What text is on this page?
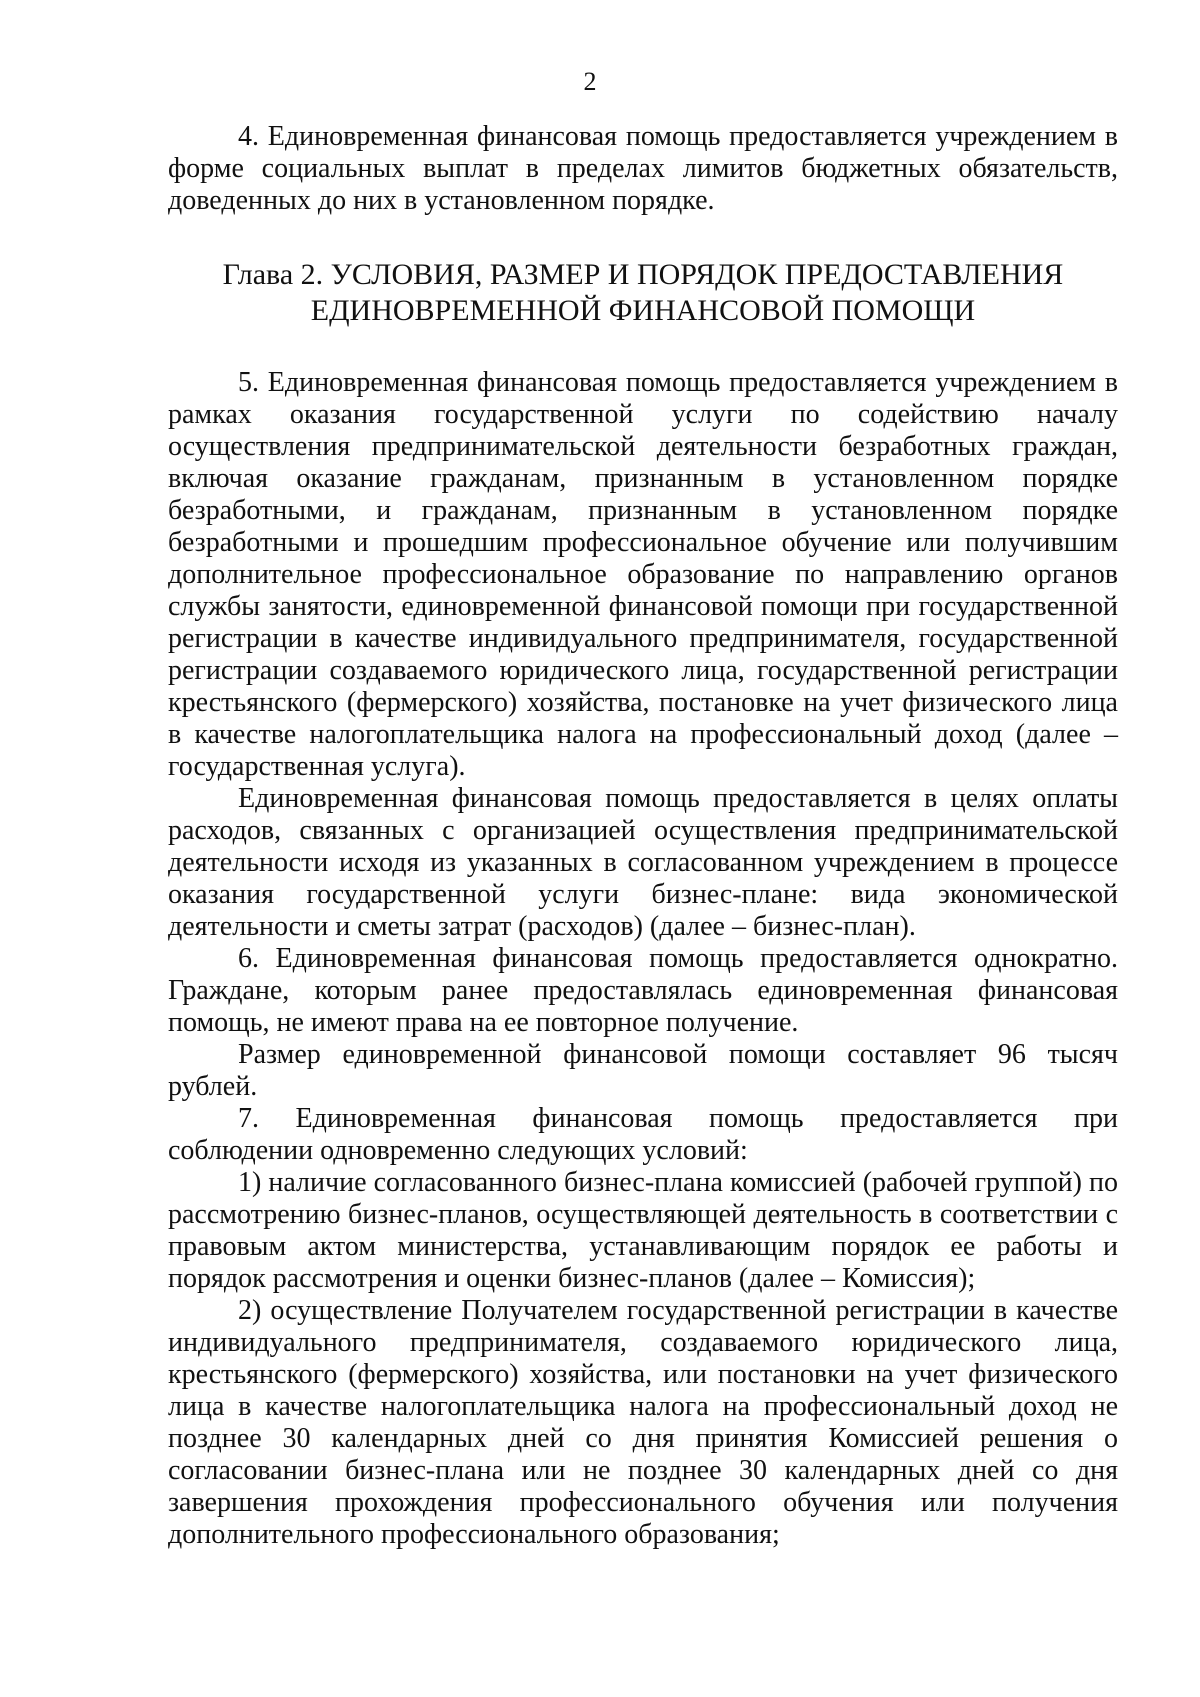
2

4. Единовременная финансовая помощь предоставляется учреждением в форме социальных выплат в пределах лимитов бюджетных обязательств, доведенных до них в установленном порядке.

Глава 2. УСЛОВИЯ, РАЗМЕР И ПОРЯДОК ПРЕДОСТАВЛЕНИЯ
ЕДИНОВРЕМЕННОЙ ФИНАНСОВОЙ ПОМОЩИ

5. Единовременная финансовая помощь предоставляется учреждением в рамках оказания государственной услуги по содействию началу осуществления предпринимательской деятельности безработных граждан, включая оказание гражданам, признанным в установленном порядке безработными, и гражданам, признанным в установленном порядке безработными и прошедшим профессиональное обучение или получившим дополнительное профессиональное образование по направлению органов службы занятости, единовременной финансовой помощи при государственной регистрации в качестве индивидуального предпринимателя, государственной регистрации создаваемого юридического лица, государственной регистрации крестьянского (фермерского) хозяйства, постановке на учет физического лица в качестве налогоплательщика налога на профессиональный доход (далее – государственная услуга).

Единовременная финансовая помощь предоставляется в целях оплаты расходов, связанных с организацией осуществления предпринимательской деятельности исходя из указанных в согласованном учреждением в процессе оказания государственной услуги бизнес-плане: вида экономической деятельности и сметы затрат (расходов) (далее – бизнес-план).

6. Единовременная финансовая помощь предоставляется однократно. Граждане, которым ранее предоставлялась единовременная финансовая помощь, не имеют права на ее повторное получение.

Размер единовременной финансовой помощи составляет 96 тысяч рублей.

7. Единовременная финансовая помощь предоставляется при соблюдении одновременно следующих условий:

1) наличие согласованного бизнес-плана комиссией (рабочей группой) по рассмотрению бизнес-планов, осуществляющей деятельность в соответствии с правовым актом министерства, устанавливающим порядок ее работы и порядок рассмотрения и оценки бизнес-планов (далее – Комиссия);

2) осуществление Получателем государственной регистрации в качестве индивидуального предпринимателя, создаваемого юридического лица, крестьянского (фермерского) хозяйства, или постановки на учет физического лица в качестве налогоплательщика налога на профессиональный доход не позднее 30 календарных дней со дня принятия Комиссией решения о согласовании бизнес-плана или не позднее 30 календарных дней со дня завершения прохождения профессионального обучения или получения дополнительного профессионального образования;
